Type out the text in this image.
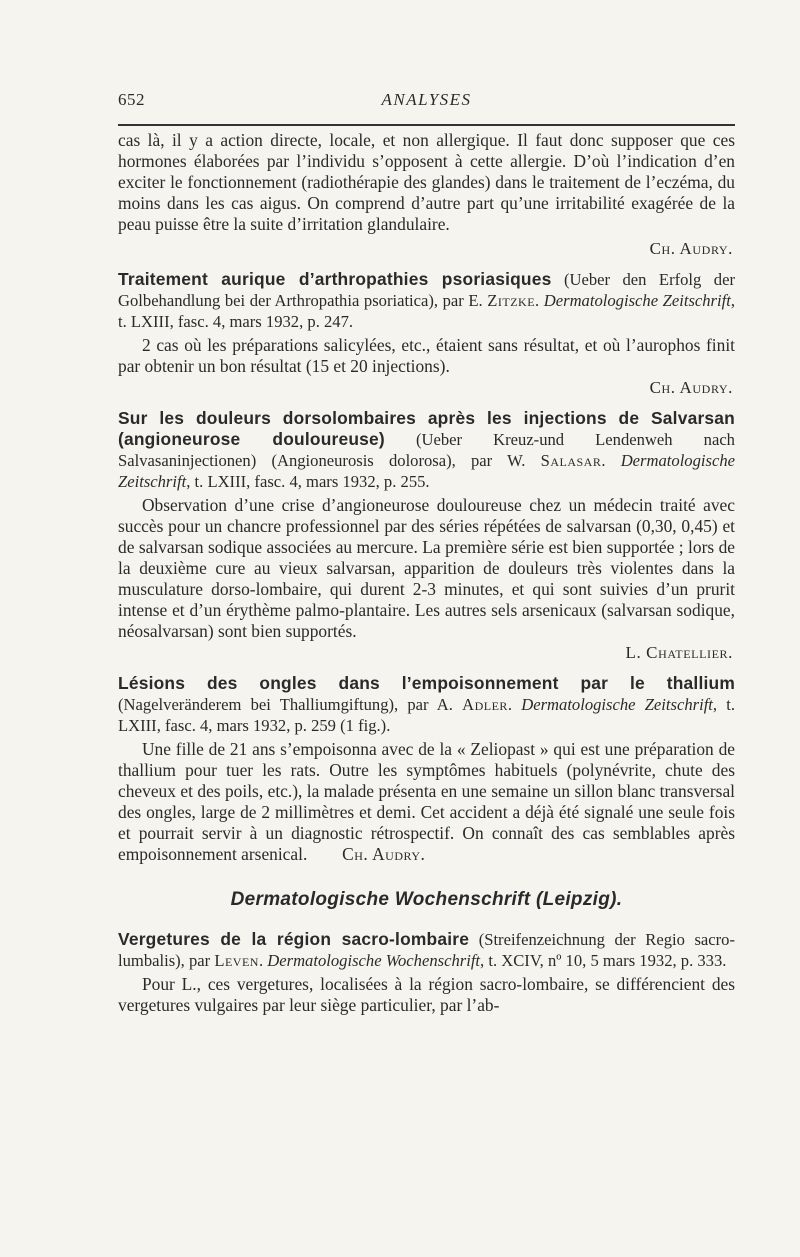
652	ANALYSES

cas là, il y a action directe, locale, et non allergique. Il faut donc supposer que ces hormones élaborées par l’individu s’opposent à cette allergie. D’où l’indication d’en exciter le fonctionnement (radiothérapie des glandes) dans le traitement de l’eczéma, du moins dans les cas aigus. On comprend d’autre part qu’une irritabilité exagérée de la peau puisse être la suite d’irritation glandulaire.

Ch. Audry.

Traitement aurique d’arthropathies psoriasiques (Ueber den Erfolg der Golbehandlung bei der Arthropathia psoriatica), par E. Zitzke. Dermatologische Zeitschrift, t. LXIII, fasc. 4, mars 1932, p. 247.

2 cas où les préparations salicylées, etc., étaient sans résultat, et où l’aurophos finit par obtenir un bon résultat (15 et 20 injections).

Ch. Audry.

Sur les douleurs dorsolombaires après les injections de Salvarsan (angioneurose douloureuse) (Ueber Kreuz-und Lendenweh nach Salvasaninjectionen) (Angioneurosis dolorosa), par W. Salasar. Dermatologische Zeitschrift, t. LXIII, fasc. 4, mars 1932, p. 255.

Observation d’une crise d’angioneurose douloureuse chez un médecin traité avec succès pour un chancre professionnel par des séries répétées de salvarsan (0,30, 0,45) et de salvarsan sodique associées au mercure. La première série est bien supportée ; lors de la deuxième cure au vieux salvarsan, apparition de douleurs très violentes dans la musculature dorso-lombaire, qui durent 2-3 minutes, et qui sont suivies d’un prurit intense et d’un érythème palmo-plantaire. Les autres sels arsenicaux (salvarsan sodique, néosalvarsan) sont bien supportés.

L. Chatellier.

Lésions des ongles dans l’empoisonnement par le thallium (Nagelveränderem bei Thalliumgiftung), par A. Adler. Dermatologische Zeitschrift, t. LXIII, fasc. 4, mars 1932, p. 259 (1 fig.).

Une fille de 21 ans s’empoisonna avec de la « Zeliopast » qui est une préparation de thallium pour tuer les rats. Outre les symptômes habituels (polynévrite, chute des cheveux et des poils, etc.), la malade présenta en une semaine un sillon blanc transversal des ongles, large de 2 millimètres et demi. Cet accident a déjà été signalé une seule fois et pourrait servir à un diagnostic rétrospectif. On connaît des cas semblables après empoisonnement arsenical. Ch. Audry.

Dermatologische Wochenschrift (Leipzig).

Vergetures de la région sacro-lombaire (Streifenzeichnung der Regio sacro-lumbalis), par Leven. Dermatologische Wochenschrift, t. XCIV, nº 10, 5 mars 1932, p. 333.

Pour L., ces vergetures, localisées à la région sacro-lombaire, se différencient des vergetures vulgaires par leur siège particulier, par l’ab-
